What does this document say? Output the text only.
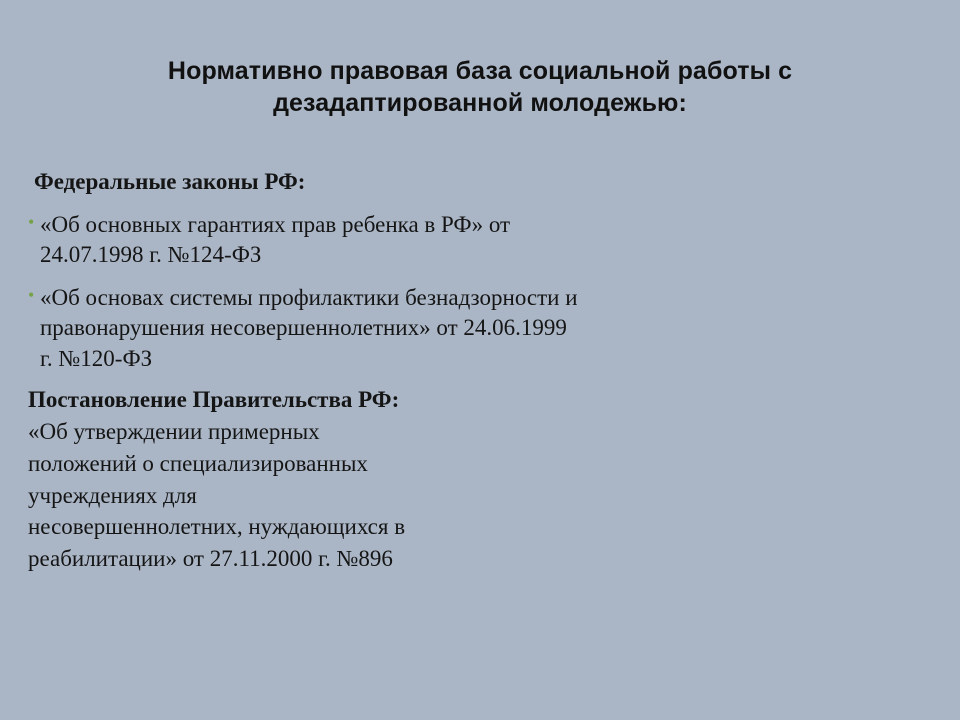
Нормативно правовая база социальной работы с дезадаптированной молодежью:
Федеральные законы РФ:
• «Об основных гарантиях прав ребенка в РФ» от 24.07.1998 г. №124-ФЗ
• «Об основах системы профилактики безнадзорности и правонарушения несовершеннолетних» от 24.06.1999 г. №120-ФЗ
Постановление Правительства РФ:
«Об утверждении примерных
положений о специализированных
учреждениях для
несовершеннолетних, нуждающихся в
реабилитации» от 27.11.2000 г. №896
